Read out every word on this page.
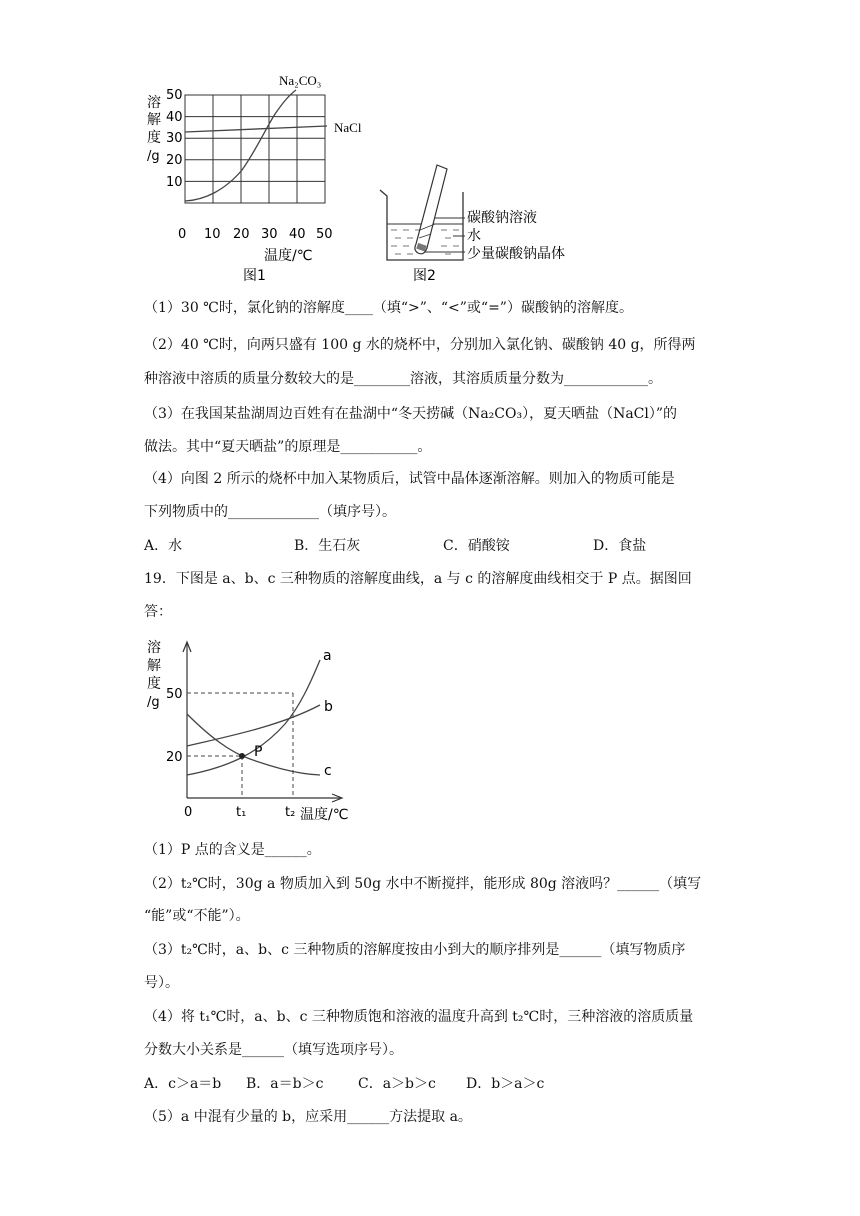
溶
解
度
/g
50
40
30
20
10
0 10 20 30 40 50
温度/℃
图1
Na₂CO₃
NaCl
碳酸钠溶液
水
少量碳酸钠晶体
图2
（1）30 ℃时，氯化钠的溶解度____（填“>”、“<”或“=”）碳酸钠的溶解度。
（2）40 ℃时，向两只盛有 100 g 水的烧杯中，分别加入氯化钠、碳酸钠 40 g，所得两
种溶液中溶质的质量分数较大的是________溶液，其溶质质量分数为____________。
（3）在我国某盐湖周边百姓有在盐湖中“冬天捞碱（Na₂CO₃），夏天晒盐（NaCl）”的
做法。其中“夏天晒盐”的原理是___________。
（4）向图 2 所示的烧杯中加入某物质后，试管中晶体逐渐溶解。则加入的物质可能是
下列物质中的_____________（填序号）。
A．水	B．生石灰	C．硝酸铵	D．食盐
19．下图是 a、b、c 三种物质的溶解度曲线，a 与 c 的溶解度曲线相交于 P 点。据图回
答：
溶
解
度
/g
P
a
b
c
50
20
0	t₁	t₂ 温度/℃
（1）P 点的含义是______。
（2）t₂℃时，30g a 物质加入到 50g 水中不断搅拌，能形成 80g 溶液吗？______（填写
“能”或“不能”）。
（3）t₂℃时，a、b、c 三种物质的溶解度按由小到大的顺序排列是______（填写物质序
号）。
（4）将 t₁℃时，a、b、c 三种物质饱和溶液的温度升高到 t₂℃时，三种溶液的溶质质量
分数大小关系是______（填写选项序号）。
A．c＞a＝b B．a＝b＞c C．a＞b＞c D．b＞a＞c
（5）a 中混有少量的 b，应采用______方法提取 a。
